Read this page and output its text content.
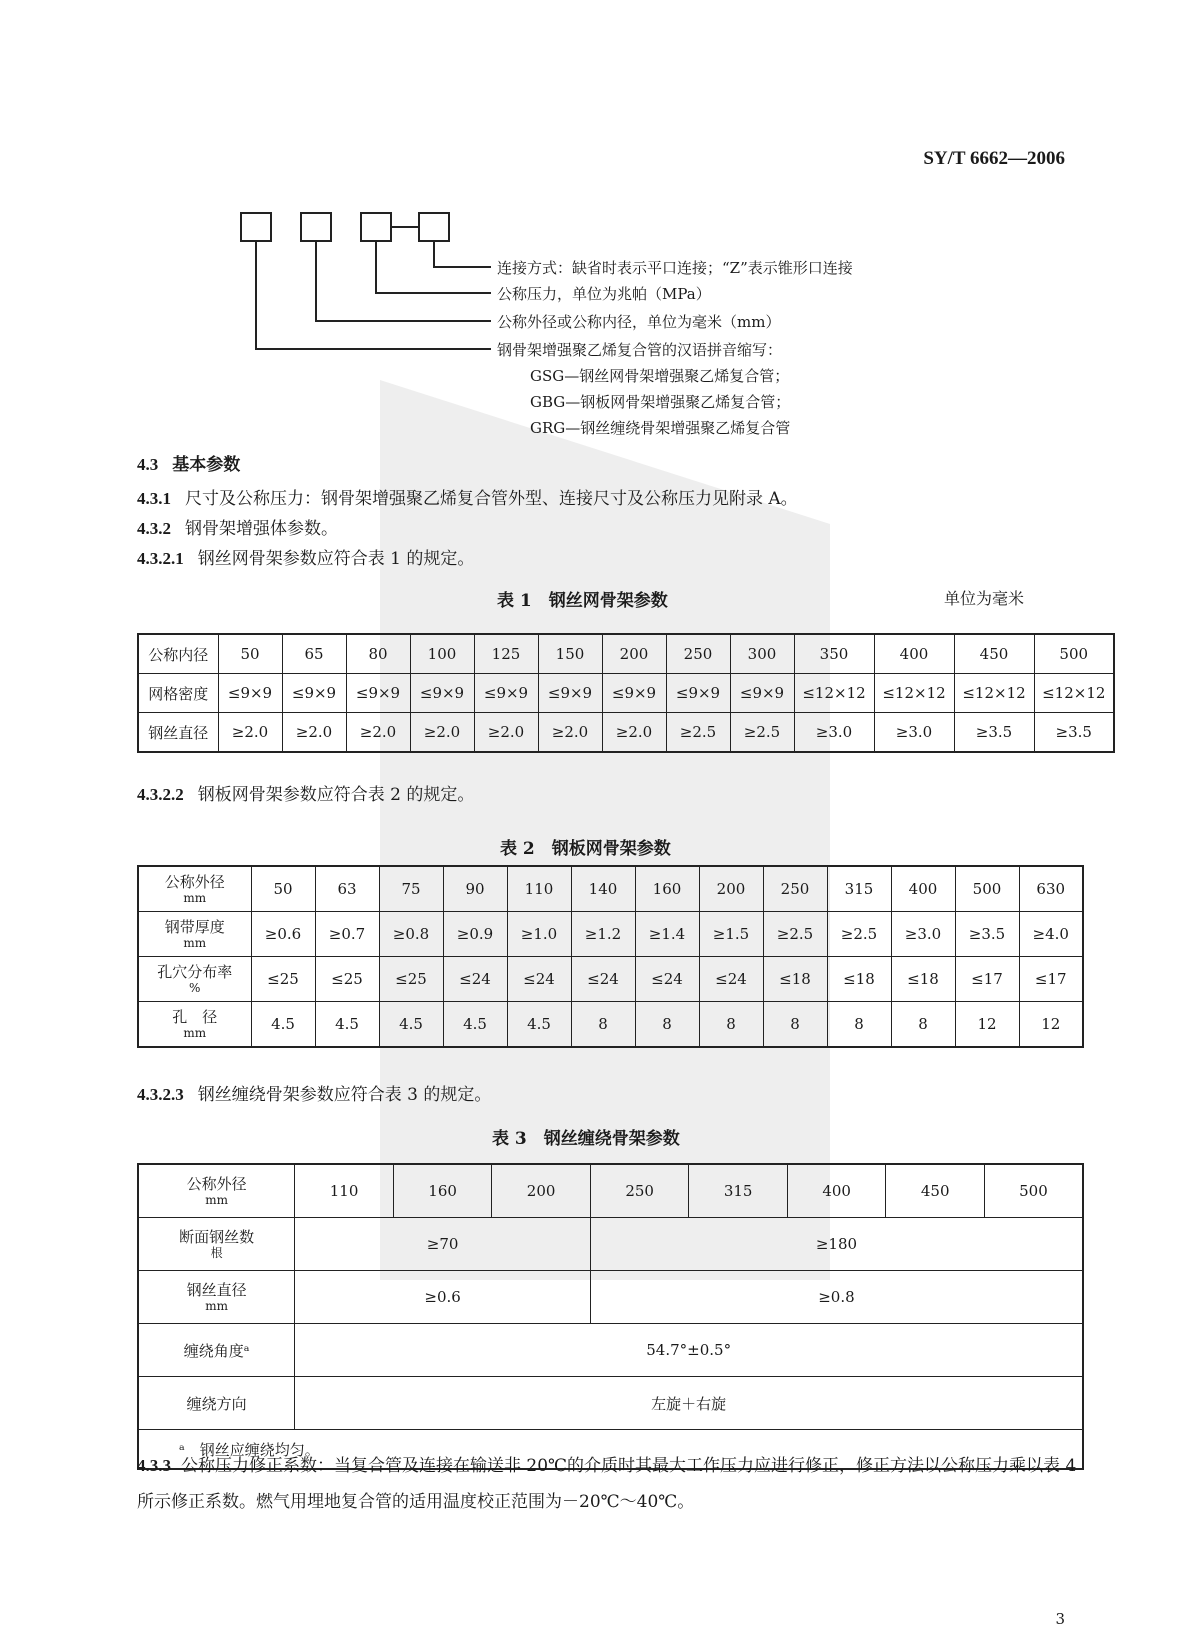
SY/T 6662—2006
连接方式：缺省时表示平口连接；“Z”表示锥形口连接
公称压力，单位为兆帕（MPa）
公称外径或公称内径，单位为毫米（mm）
钢骨架增强聚乙烯复合管的汉语拼音缩写：
GSG—钢丝网骨架增强聚乙烯复合管；
GBG—钢板网骨架增强聚乙烯复合管；
GRG—钢丝缠绕骨架增强聚乙烯复合管
4.3 基本参数
4.3.1 尺寸及公称压力：钢骨架增强聚乙烯复合管外型、连接尺寸及公称压力见附录 A。
4.3.2 钢骨架增强体参数。
4.3.2.1 钢丝网骨架参数应符合表 1 的规定。
表 1　钢丝网骨架参数	单位为毫米
公称内径	50	65	80	100	125	150	200	250	300	350	400	450	500
网格密度	≤9×9	≤9×9	≤9×9	≤9×9	≤9×9	≤9×9	≤9×9	≤9×9	≤9×9	≤12×12	≤12×12	≤12×12	≤12×12
钢丝直径	≥2.0	≥2.0	≥2.0	≥2.0	≥2.0	≥2.0	≥2.0	≥2.5	≥2.5	≥3.0	≥3.0	≥3.5	≥3.5
4.3.2.2 钢板网骨架参数应符合表 2 的规定。
表 2　钢板网骨架参数
公称外径
mm	50	63	75	90	110	140	160	200	250	315	400	500	630
钢带厚度
mm	≥0.6	≥0.7	≥0.8	≥0.9	≥1.0	≥1.2	≥1.4	≥1.5	≥2.5	≥2.5	≥3.0	≥3.5	≥4.0
孔穴分布率
%	≤25	≤25	≤25	≤24	≤24	≤24	≤24	≤24	≤18	≤18	≤18	≤17	≤17
孔　径
mm	4.5	4.5	4.5	4.5	4.5	8	8	8	8	8	8	12	12
4.3.2.3 钢丝缠绕骨架参数应符合表 3 的规定。
表 3　钢丝缠绕骨架参数
公称外径
mm	110	160	200	250	315	400	450	500
断面钢丝数
根	≥70			≥180				
钢丝直径
mm	≥0.6			≥0.8				
缠绕角度ᵃ	54.7°±0.5°							
缠绕方向	左旋＋右旋							
ᵃ　钢丝应缠绕均匀。								
4.3.3 公称压力修正系数：当复合管及连接在输送非 20℃的介质时其最大工作压力应进行修正，修正方法以公称压力乘以表 4 所示修正系数。燃气用埋地复合管的适用温度校正范围为－20℃～40℃。
3
